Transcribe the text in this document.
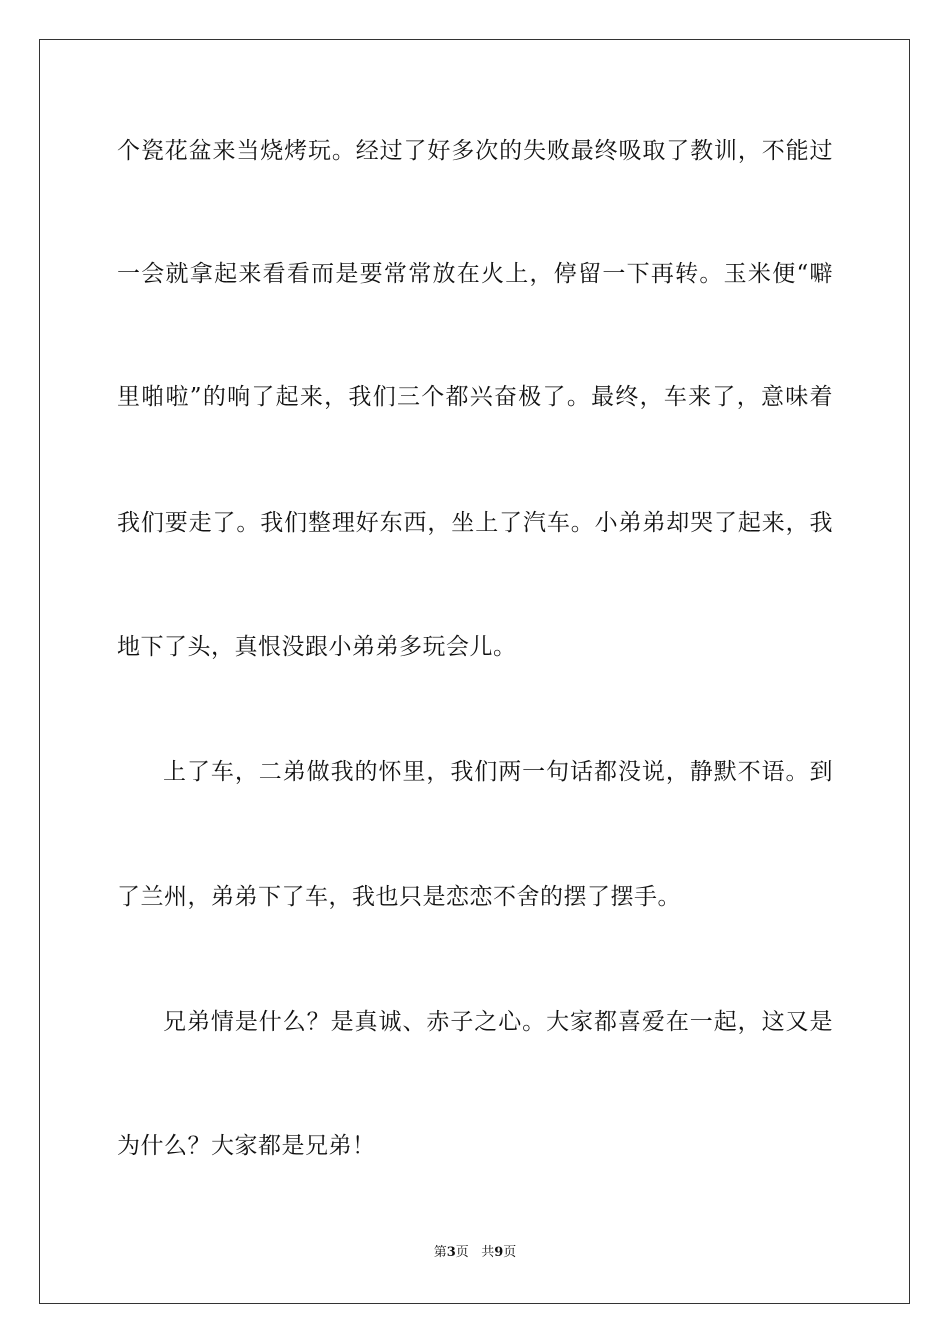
个瓷花盆来当烧烤玩。经过了好多次的失败最终吸取了教训，不能过
一会就拿起来看看而是要常常放在火上，停留一下再转。玉米便“噼
里啪啦”的响了起来，我们三个都兴奋极了。最终，车来了，意味着
我们要走了。我们整理好东西，坐上了汽车。小弟弟却哭了起来，我
地下了头，真恨没跟小弟弟多玩会儿。
上了车，二弟做我的怀里，我们两一句话都没说，静默不语。到
了兰州，弟弟下了车，我也只是恋恋不舍的摆了摆手。
兄弟情是什么？是真诚、赤子之心。大家都喜爱在一起，这又是
为什么？大家都是兄弟！
第3页 共9页
